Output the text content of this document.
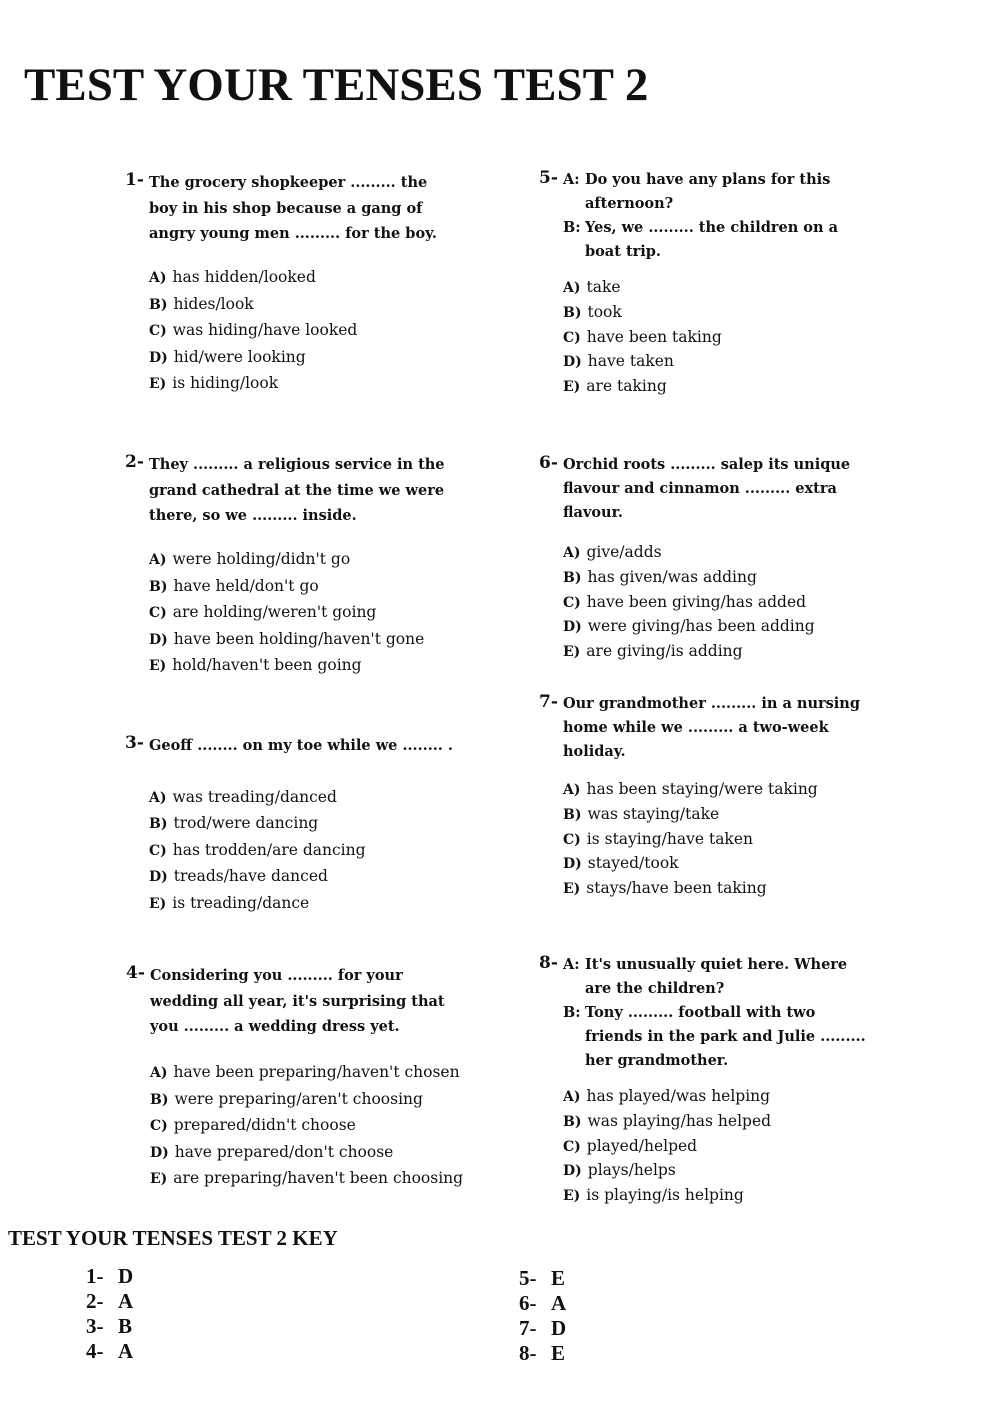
TEST YOUR TENSES TEST 2
1- The grocery shopkeeper ......... the
boy in his shop because a gang of
angry young men ......... for the boy.
A) has hidden/looked
B) hides/look
C) was hiding/have looked
D) hid/were looking
E) is hiding/look
2- They ......... a religious service in the
grand cathedral at the time we were
there, so we ......... inside.
A) were holding/didn't go
B) have held/don't go
C) are holding/weren't going
D) have been holding/haven't gone
E) hold/haven't been going
3- Geoff ........ on my toe while we ........ .
A) was treading/danced
B) trod/were dancing
C) has trodden/are dancing
D) treads/have danced
E) is treading/dance
4- Considering you ......... for your
wedding all year, it's surprising that
you ......... a wedding dress yet.
A) have been preparing/haven't chosen
B) were preparing/aren't choosing
C) prepared/didn't choose
D) have prepared/don't choose
E) are preparing/haven't been choosing
5- A: Do you have any plans for this
afternoon?
B: Yes, we ......... the children on a
boat trip.
A) take
B) took
C) have been taking
D) have taken
E) are taking
6- Orchid roots ......... salep its unique
flavour and cinnamon ......... extra
flavour.
A) give/adds
B) has given/was adding
C) have been giving/has added
D) were giving/has been adding
E) are giving/is adding
7- Our grandmother ......... in a nursing
home while we ......... a two-week
holiday.
A) has been staying/were taking
B) was staying/take
C) is staying/have taken
D) stayed/took
E) stays/have been taking
8- A: It's unusually quiet here. Where
are the children?
B: Tony ......... football with two
friends in the park and Julie .........
her grandmother.
A) has played/was helping
B) was playing/has helped
C) played/helped
D) plays/helps
E) is playing/is helping
TEST YOUR TENSES TEST 2 KEY
1- D
2- A
3- B
4- A
5- E
6- A
7- D
8- E
